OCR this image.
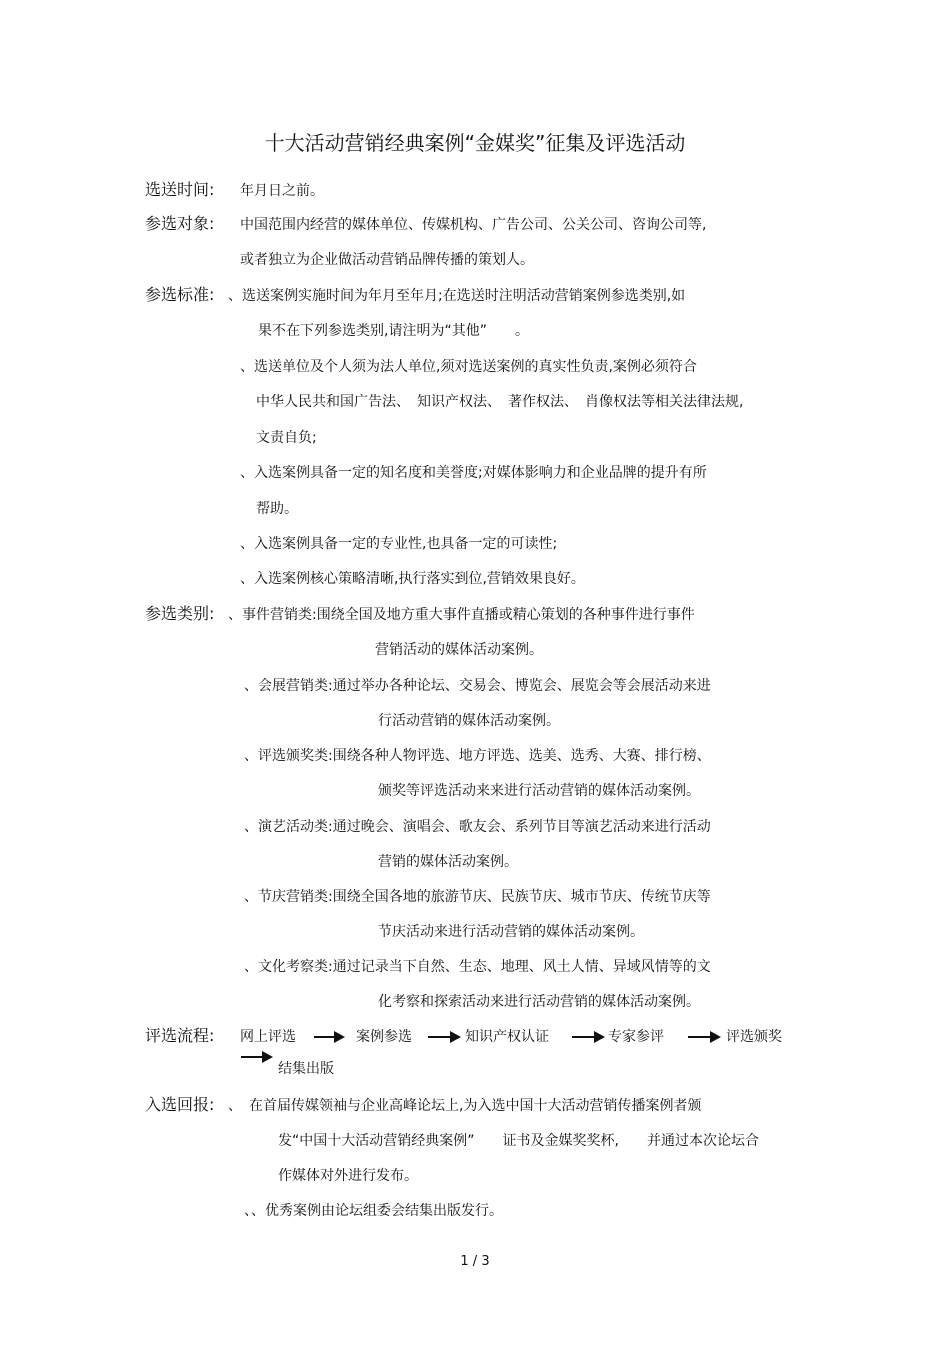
十大活动营销经典案例“金媒奖”征集及评选活动
选送时间: 年月日之前。
参选对象: 中国范围内经营的媒体单位、传媒机构、广告公司、公关公司、咨询公司等,
或者独立为企业做活动营销品牌传播的策划人。
参选标准: 、选送案例实施时间为年月至年月;在选送时注明活动营销案例参选类别,如
果不在下列参选类别,请注明为“其他”　　。
、选送单位及个人须为法人单位,须对选送案例的真实性负责,案例必须符合
中华人民共和国广告法、　知识产权法、　著作权法、　肖像权法等相关法律法规,
文责自负;
、入选案例具备一定的知名度和美誉度;对媒体影响力和企业品牌的提升有所
帮助。
、入选案例具备一定的专业性,也具备一定的可读性;
、入选案例核心策略清晰,执行落实到位,营销效果良好。
参选类别: 、事件营销类:围绕全国及地方重大事件直播或精心策划的各种事件进行事件
营销活动的媒体活动案例。
、会展营销类:通过举办各种论坛、交易会、博览会、展览会等会展活动来进
行活动营销的媒体活动案例。
、评选颁奖类:围绕各种人物评选、地方评选、选美、选秀、大赛、排行榜、
颁奖等评选活动来来进行活动营销的媒体活动案例。
、演艺活动类:通过晚会、演唱会、歌友会、系列节目等演艺活动来进行活动
营销的媒体活动案例。
、节庆营销类:围绕全国各地的旅游节庆、民族节庆、城市节庆、传统节庆等
节庆活动来进行活动营销的媒体活动案例。
、文化考察类:通过记录当下自然、生态、地理、风土人情、异域风情等的文
化考察和探索活动来进行活动营销的媒体活动案例。
评选流程: 网上评选	案例参选	知识产权认证	专家参评	评选颁奖
结集出版
入选回报: 、　在首届传媒领袖与企业高峰论坛上,为入选中国十大活动营销传播案例者颁
发“中国十大活动营销经典案例”　　证书及金媒奖奖杯,　　并通过本次论坛合
作媒体对外进行发布。
、、优秀案例由论坛组委会结集出版发行。
1 / 3
